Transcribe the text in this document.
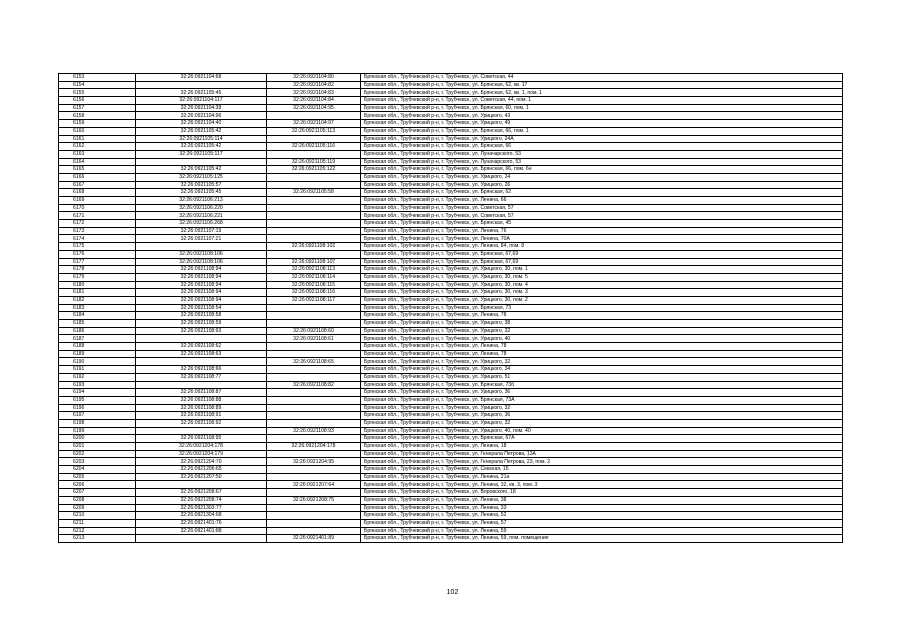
6153	32:26:0921104:68	32:26:0921104:80	Брянская обл., Трубчевский р-н, г. Трубчевск, ул. Советская, 44
6154		32:26:0921104:82	Брянская обл., Трубчевский р-н, г. Трубчевск, ул. Брянская, 62, кв. 17
6155	32:26:0921105:45	32:26:0921104:83	Брянская обл., Трубчевский р-н, г. Трубчевск, ул. Брянская, 62, кв. 1, пом. 1
6156	32:26:0921104:117	32:26:0921104:84	Брянская обл., Трубчевский р-н, г. Трубчевск, ул. Советская, 44, пом. 1
6157	32:26:0921104:39	32:26:0921104:95	Брянская обл., Трубчевский р-н, г. Трубчевск, ул. Брянская, 60, пом. 1
6158	32:26:0921104:96		Брянская обл., Трубчевский р-н, г. Трубчевск, ул. Урицкого, 43
6159	32:26:0921104:40	32:26:0921104:97	Брянская обл., Трубчевский р-н, г. Трубчевск, ул. Урицкого, 49
6160	32:26:0921105:42	32:26:0921105:113	Брянская обл., Трубчевский р-н, г. Трубчевск, ул. Брянская, 66, пом. 1
6161	32:26:0921105:114		Брянская обл., Трубчевский р-н, г. Трубчевск, ул. Урицкого, 24А
6162	32:26:0921105:42	32:26:0921105:116	Брянская обл., Трубчевский р-н, г. Трубчевск, ул. Брянская, 66
6163	32:26:0921105:117		Брянская обл., Трубчевский р-н, г. Трубчевск, ул. Луначарского, 53
6164		32:26:0921105:119	Брянская обл., Трубчевский р-н, г. Трубчевск, ул. Луначарского, 53
6165	32:26:0921105:42	32:26:0921105:122	Брянская обл., Трубчевский р-н, г. Трубчевск, ул. Брянская, 66, пом. 6н
6166	32:26:0921105:125		Брянская обл., Трубчевский р-н, г. Трубчевск, ул. Урицкого, 24
6167	32:26:0921105:57		Брянская обл., Трубчевский р-н, г. Трубчевск, ул. Урицкого, 26
6168	32:26:0921105:45	32:26:0921105:58	Брянская обл., Трубчевский р-н, г. Трубчевск, ул. Брянская, 62
6169	32:26:0921106:213		Брянская обл., Трубчевский р-н, г. Трубчевск, ул. Ленина, 66
6170	32:26:0921106:220		Брянская обл., Трубчевский р-н, г. Трубчевск, ул. Советская, 57
6171	32:26:0921106:221		Брянская обл., Трубчевский р-н, г. Трубчевск, ул. Советская, 57
6172	32:26:0921106:268		Брянская обл., Трубчевский р-н, г. Трубчевск, ул. Брянская, 45
6173	32:26:0921107:19		Брянская обл., Трубчевский р-н, г. Трубчевск, ул. Ленина, 76
6174	32:26:0921107:21		Брянская обл., Трубчевский р-н, г. Трубчевск, ул. Ленина, 70А
6175		32:26:0921108:102	Брянская обл., Трубчевский р-н, г. Трубчевск, ул. Ленина, 84, пом. 8
6176	32:26:0921108:106		Брянская обл., Трубчевский р-н, г. Трубчевск, ул. Брянская, 67,69
6177	32:26:0921108:106	32:26:0921108:107	Брянская обл., Трубчевский р-н, г. Трубчевск, ул. Брянская, 67,69
6178	32:26:0921108:94	32:26:0921108:113	Брянская обл., Трубчевский р-н, г. Трубчевск, ул. Урицкого, 30, пом. 1
6179	32:26:0921108:94	32:26:0921108:114	Брянская обл., Трубчевский р-н, г. Трубчевск, ул. Урицкого, 30, пом. 5
6180	32:26:0921108:94	32:26:0921108:115	Брянская обл., Трубчевский р-н, г. Трубчевск, ул. Урицкого, 30, пом. 4
6181	32:26:0921108:94	32:26:0921108:116	Брянская обл., Трубчевский р-н, г. Трубчевск, ул. Урицкого, 30, пом. 3
6182	32:26:0921108:94	32:26:0921108:117	Брянская обл., Трубчевский р-н, г. Трубчевск, ул. Урицкого, 30, пом. 2
6183	32:26:0921108:54		Брянская обл., Трубчевский р-н, г. Трубчевск, ул. Брянская, 73
6184	32:26:0921108:58		Брянская обл., Трубчевский р-н, г. Трубчевск, ул. Ленина, 78
6185	32:26:0921108:59		Брянская обл., Трубчевский р-н, г. Трубчевск, ул. Урицкого, 38
6186	32:26:0921108:93	32:26:0921108:60	Брянская обл., Трубчевский р-н, г. Трубчевск, ул. Урицкого, 32
6187		32:26:0921108:61	Брянская обл., Трубчевский р-н, г. Трубчевск, ул. Урицкого, 40
6188	32:26:0921108:62		Брянская обл., Трубчевский р-н, г. Трубчевск, ул. Ленина, 78
6189	32:26:0921108:63		Брянская обл., Трубчевский р-н, г. Трубчевск, ул. Ленина, 78
6190		32:26:0921108:65	Брянская обл., Трубчевский р-н, г. Трубчевск, ул. Урицкого, 32
6191	32:26:0921108:66		Брянская обл., Трубчевский р-н, г. Трубчевск, ул. Урицкого, 34
6192	32:26:0921108:77		Брянская обл., Трубчевский р-н, г. Трубчевск, ул. Урицкого, 51
6193		32:26:0921108:82	Брянская обл., Трубчевский р-н, г. Трубчевск, ул. Брянская, 73б
6194	32:26:0921108:87		Брянская обл., Трубчевский р-н, г. Трубчевск, ул. Урицкого, 36
6195	32:26:0921108:88		Брянская обл., Трубчевский р-н, г. Трубчевск, ул. Брянская, 73А
6196	32:26:0921108:89		Брянская обл., Трубчевский р-н, г. Трубчевск, ул. Урицкого, 32
6197	32:26:0921108:91		Брянская обл., Трубчевский р-н, г. Трубчевск, ул. Урицкого, 36
6198	32:26:0921108:92		Брянская обл., Трубчевский р-н, г. Трубчевск, ул. Урицкого, 32
6199		32:26:0921108:93	Брянская обл., Трубчевский р-н, г. Трубчевск, ул. Урицкого, 40, пом. 40
6200	32:26:0921108:95		Брянская обл., Трубчевский р-н, г. Трубчевск, ул. Брянская, 67А
6201	32:26:0921204:178	32:26:0921204:178	Брянская обл., Трубчевский р-н, г. Трубчевск, ул. Ленина, 18
6202	32:26:0921204:179		Брянская обл., Трубчевский р-н, г. Трубчевск, ул. Генерала Петрова, 13А
6203	32:26:0921204:70	32:26:0921204:95	Брянская обл., Трубчевский р-н, г. Трубчевск, ул. Генерала Петрова, 23, пом. 2
6204	32:26:0921206:65		Брянская обл., Трубчевский р-н, г. Трубчевск, ул. Севская, 15
6205	32:26:0921207:50		Брянская обл., Трубчевский р-н, г. Трубчевск, ул. Ленина, 21а
6206		32:26:0921207:64	Брянская обл., Трубчевский р-н, г. Трубчевск, ул. Ленина, 32, кв. 3, пом. 3
6207	32:26:0921208:67		Брянская обл., Трубчевский р-н, г. Трубчевск, ул. Воровского, 18
6208	32:26:0921208:74	32:26:0921208:75	Брянская обл., Трубчевский р-н, г. Трубчевск, ул. Ленина, 38
6209	32:26:0921303:77		Брянская обл., Трубчевский р-н, г. Трубчевск, ул. Ленина, 33
6210	32:26:0921304:68		Брянская обл., Трубчевский р-н, г. Трубчевск, ул. Ленина, 52
6211	32:26:0921401:76		Брянская обл., Трубчевский р-н, г. Трубчевск, ул. Ленина, 57
6212	32:26:0921401:88		Брянская обл., Трубчевский р-н, г. Трубчевск, ул. Ленина, 59
6213		32:26:0921401:89	Брянская обл., Трубчевский р-н, г. Трубчевск, ул. Ленина, 59, пом. помещение
102
